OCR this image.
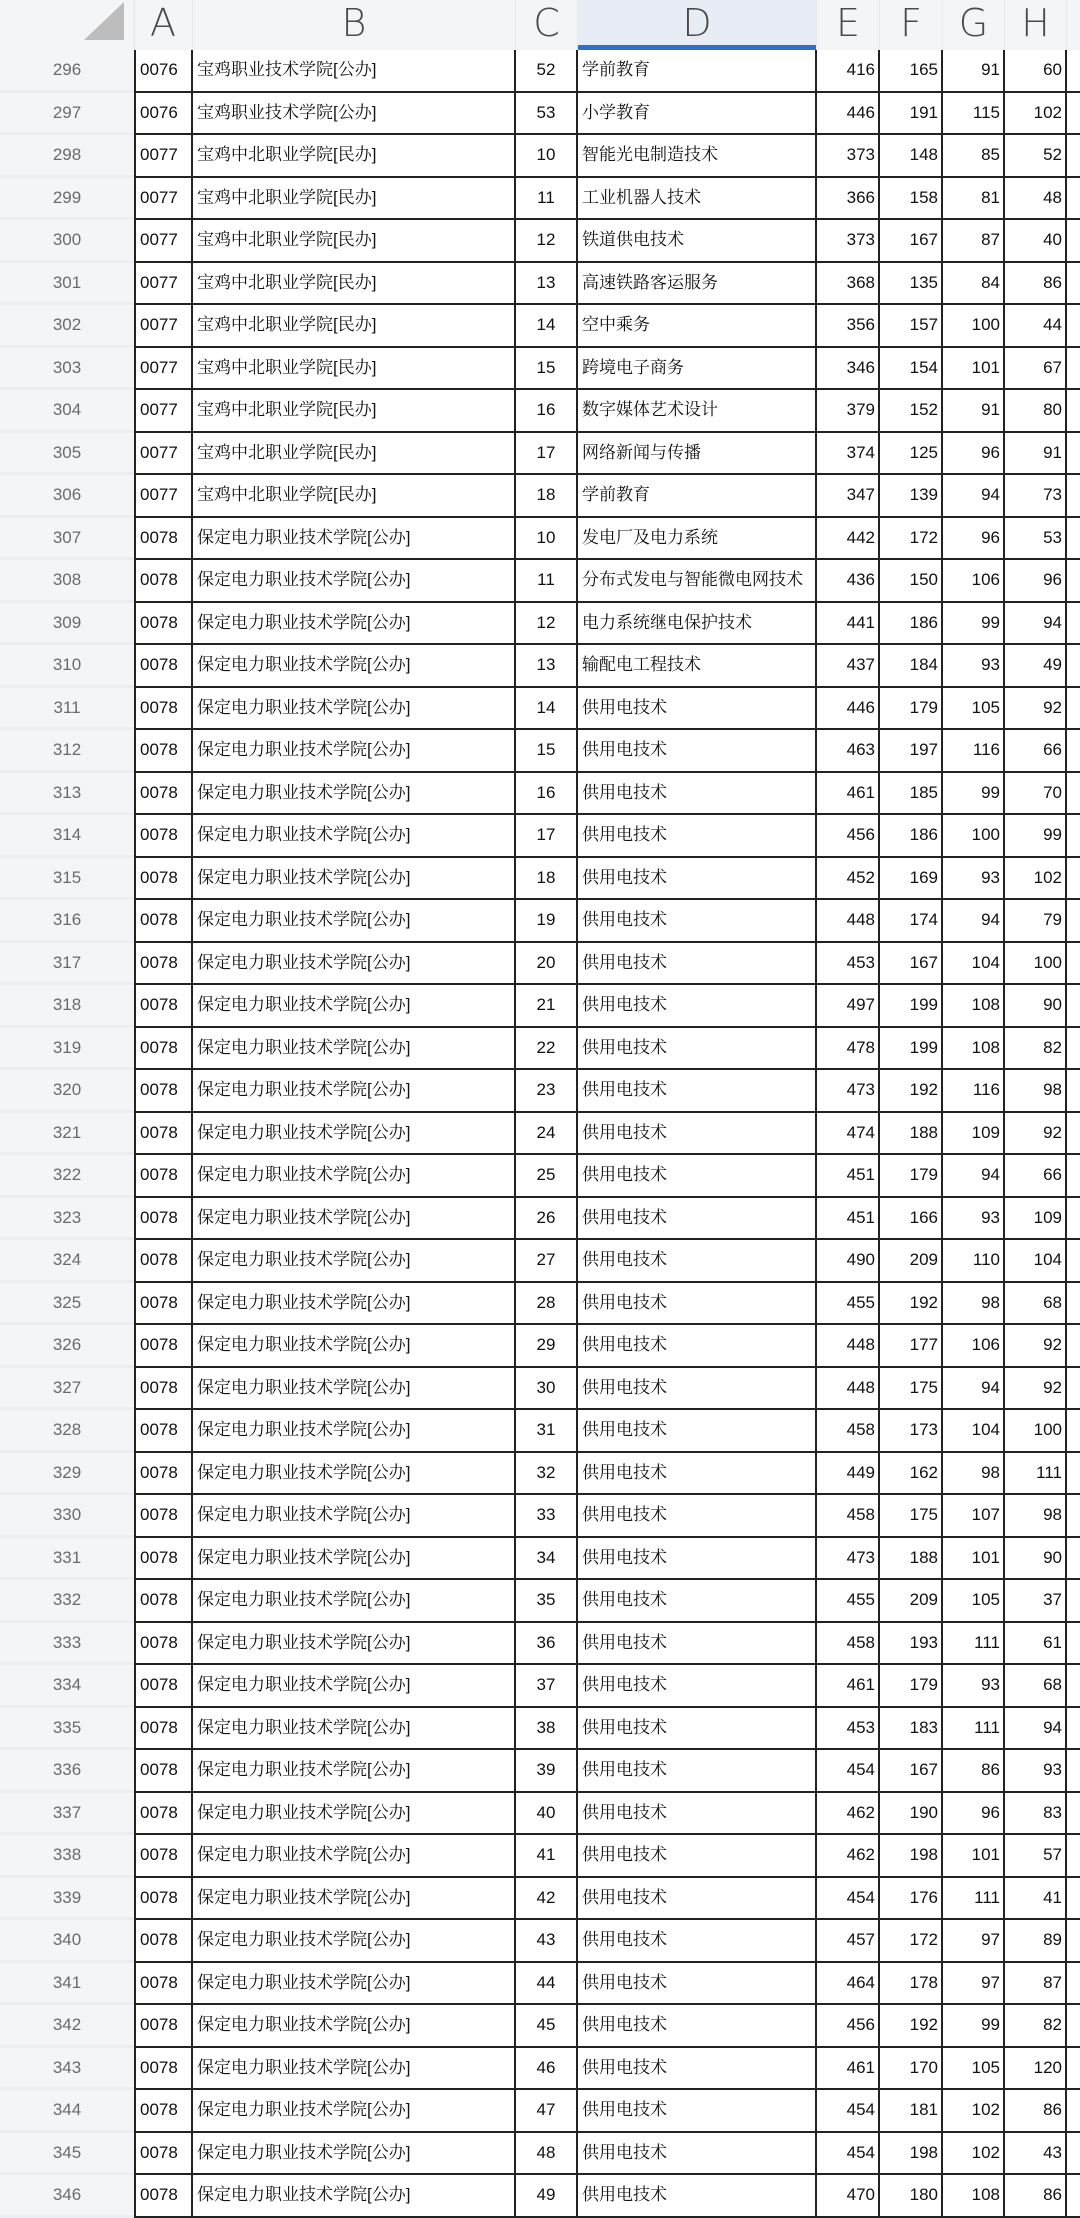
A	B	C	D	E	F G H
296	0076	宝鸡职业技术学院[公办]	52	学前教育	416	165	91	60
297	0076	宝鸡职业技术学院[公办]	53	小学教育	446	191	115	102
298	0077	宝鸡中北职业学院[民办]	10	智能光电制造技术	373	148	85	52
299	0077	宝鸡中北职业学院[民办]	11	工业机器人技术	366	158	81	48
300	0077	宝鸡中北职业学院[民办]	12	铁道供电技术	373	167	87	40
301	0077	宝鸡中北职业学院[民办]	13	高速铁路客运服务	368	135	84	86
302	0077	宝鸡中北职业学院[民办]	14	空中乘务	356	157	100	44
303	0077	宝鸡中北职业学院[民办]	15	跨境电子商务	346	154	101	67
304	0077	宝鸡中北职业学院[民办]	16	数字媒体艺术设计	379	152	91	80
305	0077	宝鸡中北职业学院[民办]	17	网络新闻与传播	374	125	96	91
306	0077	宝鸡中北职业学院[民办]	18	学前教育	347	139	94	73
307	0078	保定电力职业技术学院[公办]	10	发电厂及电力系统	442	172	96	53
308	0078	保定电力职业技术学院[公办]	11	分布式发电与智能微电网技术	436	150	106	96
309	0078	保定电力职业技术学院[公办]	12	电力系统继电保护技术	441	186	99	94
310	0078	保定电力职业技术学院[公办]	13	输配电工程技术	437	184	93	49
311	0078	保定电力职业技术学院[公办]	14	供用电技术	446	179	105	92
312	0078	保定电力职业技术学院[公办]	15	供用电技术	463	197	116	66
313	0078	保定电力职业技术学院[公办]	16	供用电技术	461	185	99	70
314	0078	保定电力职业技术学院[公办]	17	供用电技术	456	186	100	99
315	0078	保定电力职业技术学院[公办]	18	供用电技术	452	169	93	102
316	0078	保定电力职业技术学院[公办]	19	供用电技术	448	174	94	79
317	0078	保定电力职业技术学院[公办]	20	供用电技术	453	167	104	100
318	0078	保定电力职业技术学院[公办]	21	供用电技术	497	199	108	90
319	0078	保定电力职业技术学院[公办]	22	供用电技术	478	199	108	82
320	0078	保定电力职业技术学院[公办]	23	供用电技术	473	192	116	98
321	0078	保定电力职业技术学院[公办]	24	供用电技术	474	188	109	92
322	0078	保定电力职业技术学院[公办]	25	供用电技术	451	179	94	66
323	0078	保定电力职业技术学院[公办]	26	供用电技术	451	166	93	109
324	0078	保定电力职业技术学院[公办]	27	供用电技术	490	209	110	104
325	0078	保定电力职业技术学院[公办]	28	供用电技术	455	192	98	68
326	0078	保定电力职业技术学院[公办]	29	供用电技术	448	177	106	92
327	0078	保定电力职业技术学院[公办]	30	供用电技术	448	175	94	92
328	0078	保定电力职业技术学院[公办]	31	供用电技术	458	173	104	100
329	0078	保定电力职业技术学院[公办]	32	供用电技术	449	162	98	111
330	0078	保定电力职业技术学院[公办]	33	供用电技术	458	175	107	98
331	0078	保定电力职业技术学院[公办]	34	供用电技术	473	188	101	90
332	0078	保定电力职业技术学院[公办]	35	供用电技术	455	209	105	37
333	0078	保定电力职业技术学院[公办]	36	供用电技术	458	193	111	61
334	0078	保定电力职业技术学院[公办]	37	供用电技术	461	179	93	68
335	0078	保定电力职业技术学院[公办]	38	供用电技术	453	183	111	94
336	0078	保定电力职业技术学院[公办]	39	供用电技术	454	167	86	93
337	0078	保定电力职业技术学院[公办]	40	供用电技术	462	190	96	83
338	0078	保定电力职业技术学院[公办]	41	供用电技术	462	198	101	57
339	0078	保定电力职业技术学院[公办]	42	供用电技术	454	176	111	41
340	0078	保定电力职业技术学院[公办]	43	供用电技术	457	172	97	89
341	0078	保定电力职业技术学院[公办]	44	供用电技术	464	178	97	87
342	0078	保定电力职业技术学院[公办]	45	供用电技术	456	192	99	82
343	0078	保定电力职业技术学院[公办]	46	供用电技术	461	170	105	120
344	0078	保定电力职业技术学院[公办]	47	供用电技术	454	181	102	86
345	0078	保定电力职业技术学院[公办]	48	供用电技术	454	198	102	43
346	0078	保定电力职业技术学院[公办]	49	供用电技术	470	180	108	86
